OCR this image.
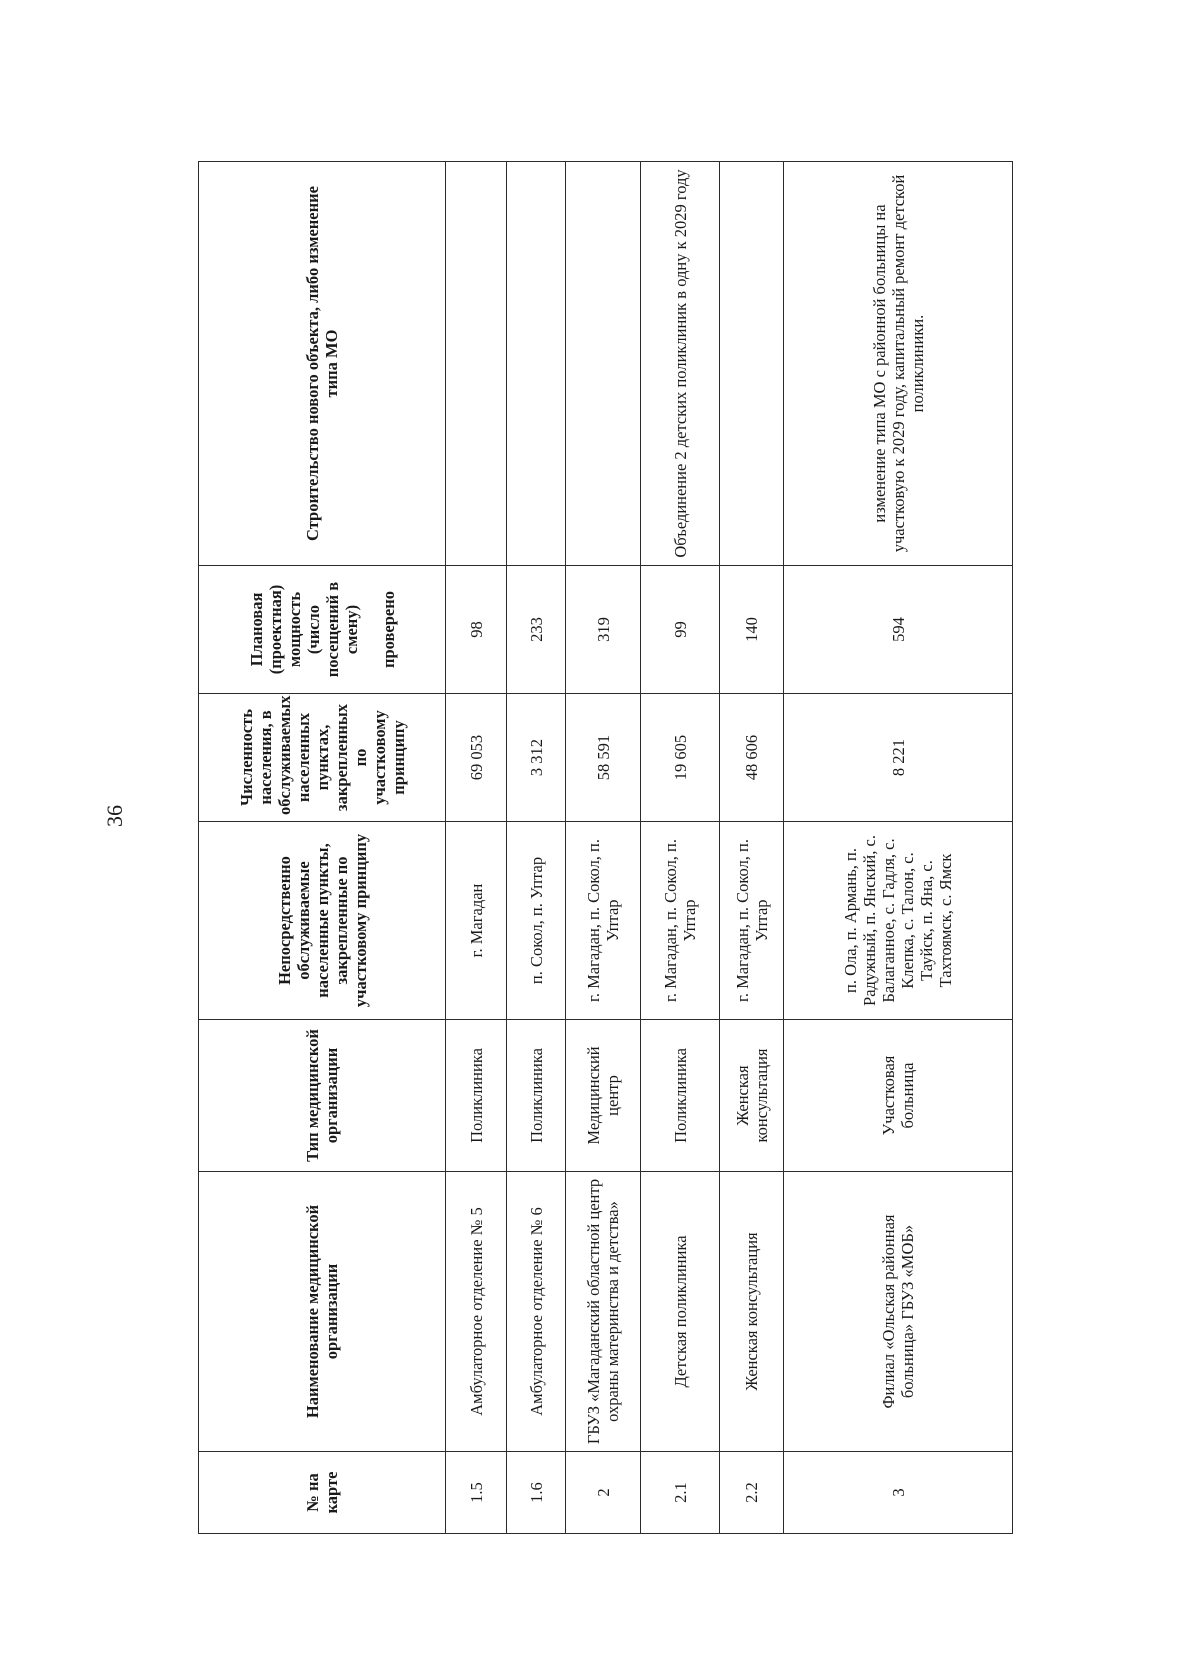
36
№ на карте	Наименование медицинской организации	Тип медицинской организации	Непосредственно обслуживаемые населенные пункты, закрепленные по участковому принципу	Численность населения, в обслуживаемых населенных пунктах, закрепленных по участковому принципу	Плановая (проектная) мощность (число посещений в смену) проверено	Строительство нового объекта, либо изменение типа МО
1.5	Амбулаторное отделение № 5	Поликлиника	г. Магадан	69 053	98	
1.6	Амбулаторное отделение № 6	Поликлиника	п. Сокол, п. Уптар	3 312	233	
2	ГБУЗ «Магаданский областной центр охраны материнства и детства»	Медицинский центр	г. Магадан, п. Сокол, п. Уптар	58 591	319	
2.1	Детская поликлиника	Поликлиника	г. Магадан, п. Сокол, п. Уптар	19 605	99	Объединение 2 детских поликлиник в одну к 2029 году
2.2	Женская консультация	Женская консультация	г. Магадан, п. Сокол, п. Уптар	48 606	140	
3	Филиал «Ольская районная больница» ГБУЗ «МОБ»	Участковая больница	п. Ола, п. Армань, п. Радужный, п. Янский, с. Балаганное, с. Гадля, с. Клепка, с. Талон, с. Тауйск, п. Яна, с. Тахтоямск, с. Ямск	8 221	594	изменение типа МО с районной больницы на участковую к 2029 году, капитальный ремонт детской поликлиники.
